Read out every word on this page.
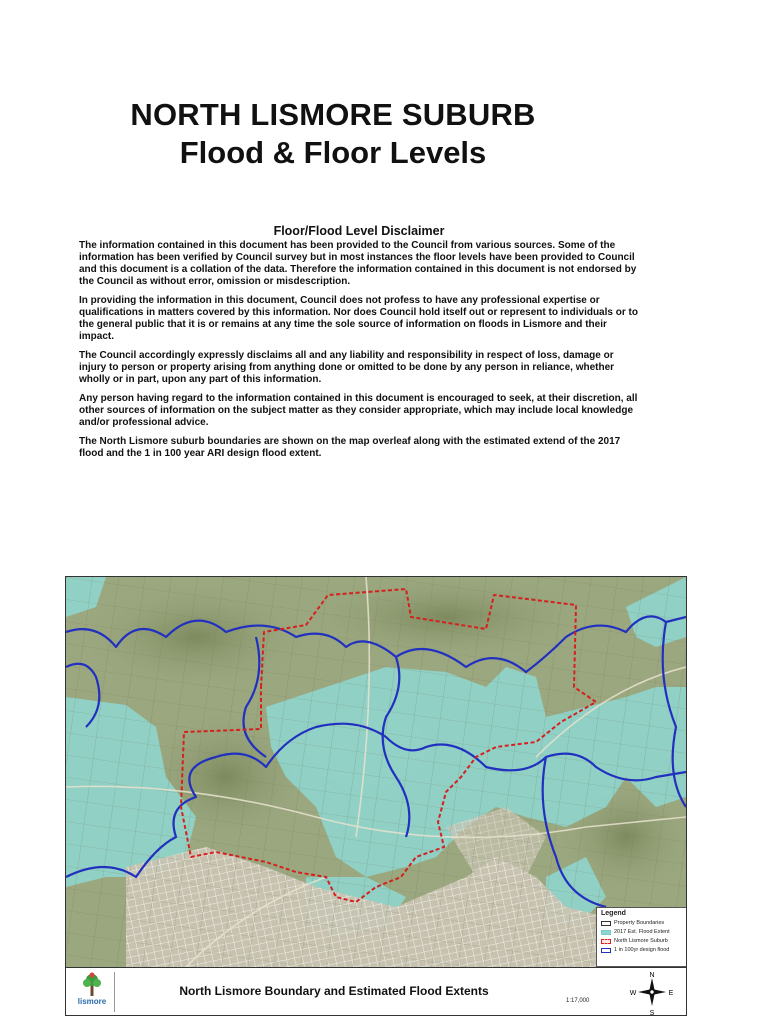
NORTH LISMORE SUBURB
Flood & Floor Levels
Floor/Flood Level Disclaimer

The information contained in this document has been provided to the Council from various sources. Some of the information has been verified by Council survey but in most instances the floor levels have been provided to Council and this document is a collation of the data. Therefore the information contained in this document is not endorsed by the Council as without error, omission or misdescription.

In providing the information in this document, Council does not profess to have any professional expertise or qualifications in matters covered by this information. Nor does Council hold itself out or represent to individuals or to the general public that it is or remains at any time the sole source of information on floods in Lismore and their impact.

The Council accordingly expressly disclaims all and any liability and responsibility in respect of loss, damage or injury to person or property arising from anything done or omitted to be done by any person in reliance, whether wholly or in part, upon any part of this information.

Any person having regard to the information contained in this document is encouraged to seek, at their discretion, all other sources of information on the subject matter as they consider appropriate, which may include local knowledge and/or professional advice.

The North Lismore suburb boundaries are shown on the map overleaf along with the estimated extend of the 2017 flood and the 1 in 100 year ARI design flood extent.

Legend
Property Boundaries
2017 Est. Flood Extent
North Lismore Suburb
1 in 100yr design flood
lismore
North Lismore Boundary and Estimated Flood Extents
1:17,000
N
S
W	E
